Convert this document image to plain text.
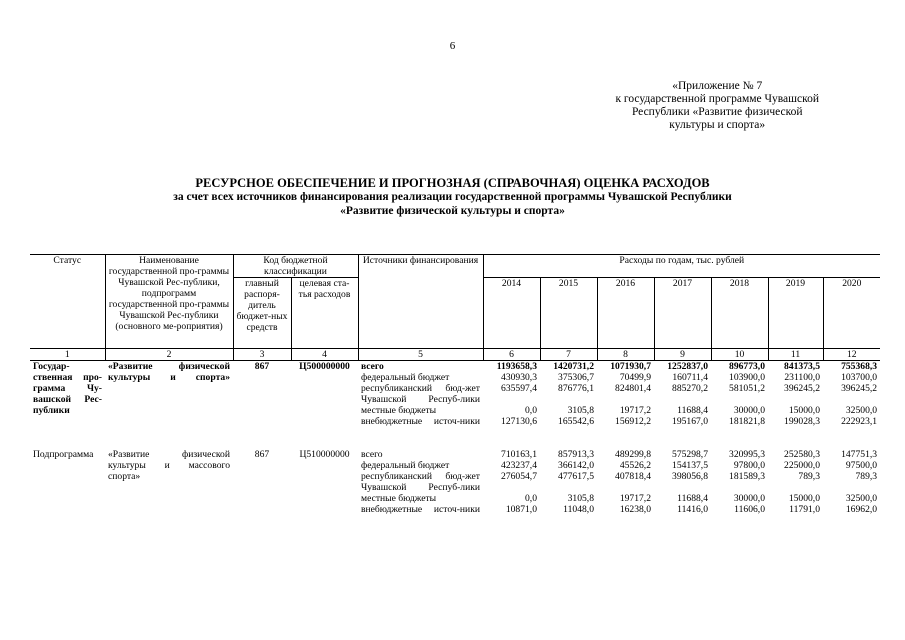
6
«Приложение № 7
к государственной программе Чувашской
Республики «Развитие физической
культуры и спорта»
РЕСУРСНОЕ ОБЕСПЕЧЕНИЕ И ПРОГНОЗНАЯ (СПРАВОЧНАЯ) ОЦЕНКА РАСХОДОВ
за счет всех источников финансирования реализации государственной программы Чувашской Республики
«Развитие физической культуры и спорта»
Статус	Наименование государственной про-граммы Чувашской Рес-публики, подпрограмм государственной про-граммы Чувашской Рес-публики (основного ме-роприятия)	Код бюджетной классификации		Источники финансирования	Расходы по годам, тыс. рублей						
		главный распоря-дитель бюджет-ных средств	целевая ста-тья расходов		2014	2015	2016	2017	2018	2019	2020
1	2	3	4	5	6	7	8	9	10	11	12
Государ-ственная про-грамма Чу-вашской Рес-публики	«Развитие физической культуры и спорта»	867	Ц500000000	всего	1193658,3	1420731,2	1071930,7	1252837,0	896773,0	841373,5	755368,3
				федеральный бюджет	430930,3	375306,7	70499,9	160711,4	103900,0	231100,0	103700,0
				республиканский бюд-жет Чувашской Респуб-лики	635597,4	876776,1	824801,4	885270,2	581051,2	396245,2	396245,2
				местные бюджеты	0,0	3105,8	19717,2	11688,4	30000,0	15000,0	32500,0
				внебюджетные источ-ники	127130,6	165542,6	156912,2	195167,0	181821,8	199028,3	222923,1

Подпрограмма	«Развитие физической культуры и массового спорта»	867	Ц510000000	всего	710163,1	857913,3	489299,8	575298,7	320995,3	252580,3	147751,3
				федеральный бюджет	423237,4	366142,0	45526,2	154137,5	97800,0	225000,0	97500,0
				республиканский бюд-жет Чувашской Респуб-лики	276054,7	477617,5	407818,4	398056,8	181589,3	789,3	789,3
				местные бюджеты	0,0	3105,8	19717,2	11688,4	30000,0	15000,0	32500,0
				внебюджетные источ-ники	10871,0	11048,0	16238,0	11416,0	11606,0	11791,0	16962,0
